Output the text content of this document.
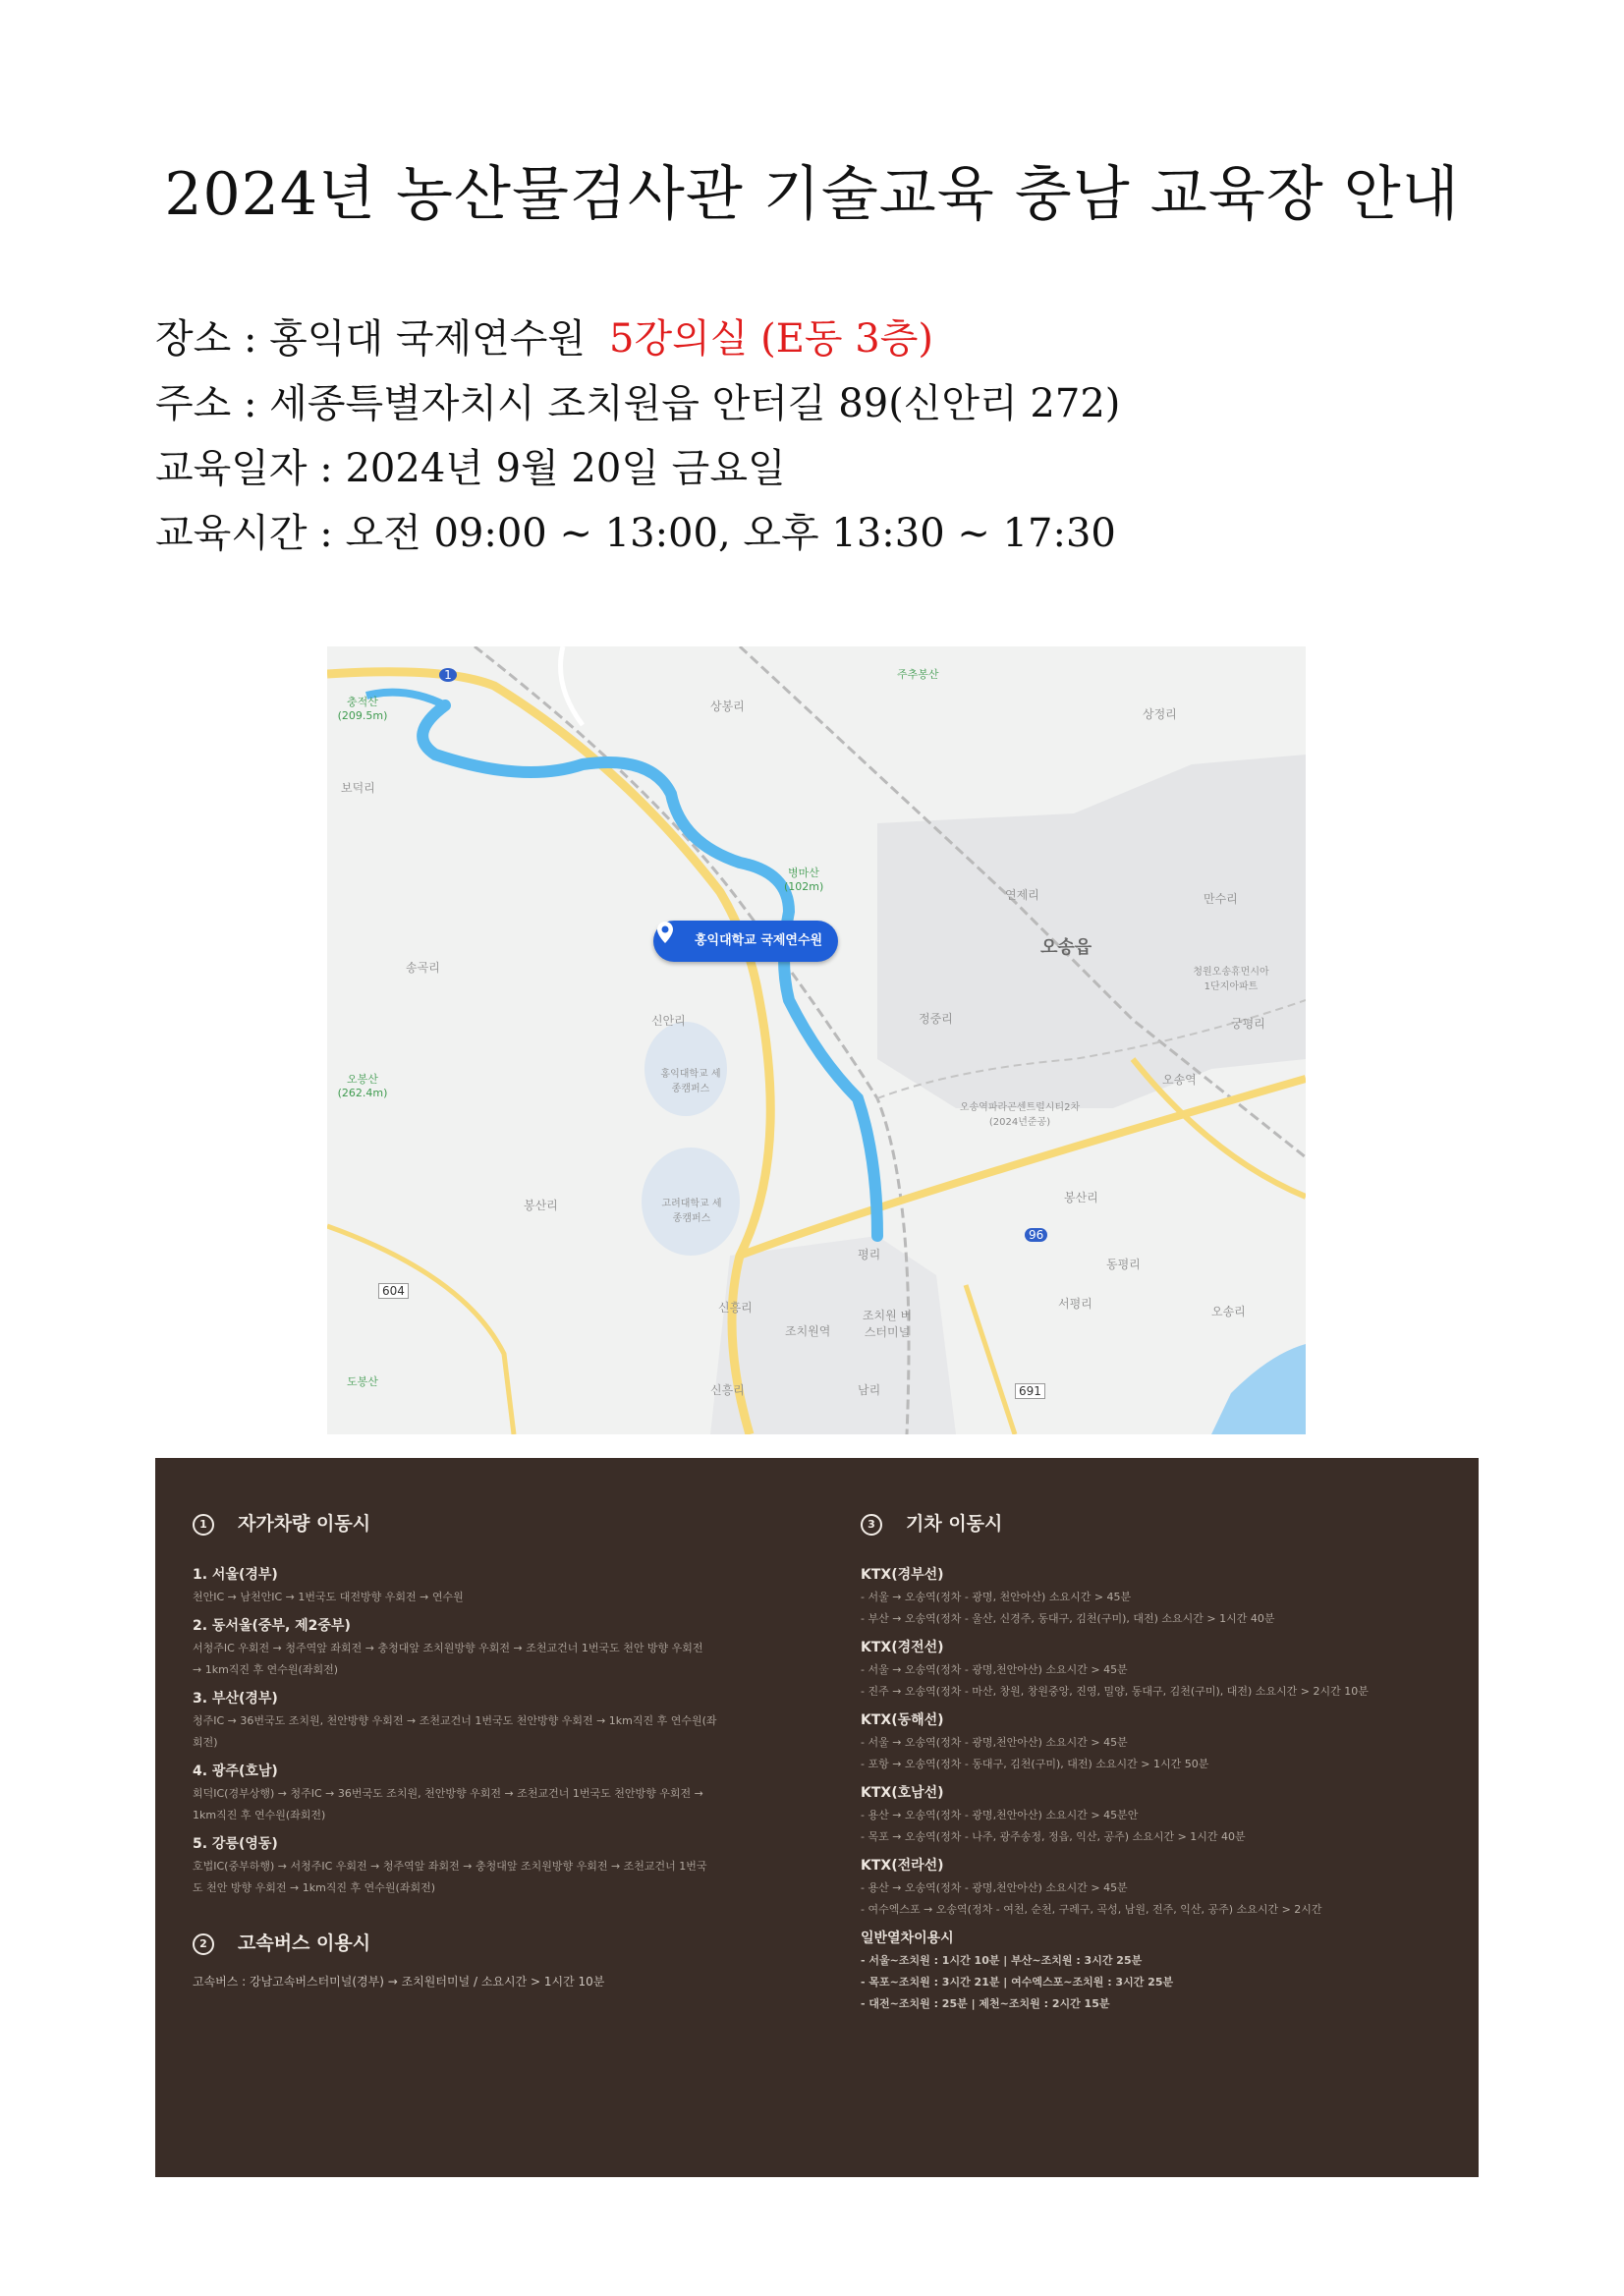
2024년 농산물검사관 기술교육 충남 교육장 안내
장소 : 홍익대 국제연수원 5강의실 (E동 3층)
주소 : 세종특별자치시 조치원읍 안터길 89(신안리 272)
교육일자 : 2024년 9월 20일 금요일
교육시간 : 오전 09:00 ~ 13:00, 오후 13:30 ~ 17:30
상봉리
상정리
보덕리
송곡리
신안리
봉산리
연제리	만수리
오송읍
정중리	궁평리
오송역
봉산리
동평리
서평리
오송리
평리
신흥리
조치원역
조치원 버스터미널
남리
신흥리
홍익대학교 세종캠퍼스
고려대학교 세종캠퍼스
청원오송휴먼시아 1단지아파트
오송역파라곤센트럴시티2차 (2024년준공)
충적산 (209.5m)
오봉산 (262.4m)
병마산 (102m)
도봉산
주추봉산
1
96
604
691
홍익대학교 국제연수원
1 자가차량 이동시
1. 서울(경부)
천안IC → 남천안IC → 1번국도 대전방향 우회전 → 연수원
2. 동서울(중부, 제2중부)
서청주IC 우회전 → 청주역앞 좌회전 → 충청대앞 조치원방향 우회전 → 조천교건너 1번국도 천안 방향 우회전
→ 1km직진 후 연수원(좌회전)
3. 부산(경부)
청주IC → 36번국도 조치원, 천안방향 우회전 → 조천교건너 1번국도 천안방향 우회전 → 1km직진 후 연수원(좌
회전)
4. 광주(호남)
회덕IC(경부상행) → 청주IC → 36번국도 조치원, 천안방향 우회전 → 조천교건너 1번국도 천안방향 우회전 →
1km직진 후 연수원(좌회전)
5. 강릉(영동)
호법IC(중부하행) → 서청주IC 우회전 → 청주역앞 좌회전 → 충청대앞 조치원방향 우회전 → 조천교건너 1번국
도 천안 방향 우회전 → 1km직진 후 연수원(좌회전)
2 고속버스 이용시
고속버스 : 강남고속버스터미널(경부) → 조치원터미널 / 소요시간 > 1시간 10분
3 기차 이동시
KTX(경부선)
- 서울 → 오송역(정차 - 광명, 천안아산) 소요시간 > 45분
- 부산 → 오송역(정차 - 울산, 신경주, 동대구, 김천(구미), 대전) 소요시간 > 1시간 40분
KTX(경전선)
- 서울 → 오송역(정차 - 광명,천안아산) 소요시간 > 45분
- 진주 → 오송역(정차 - 마산, 창원, 창원중앙, 진영, 밀양, 동대구, 김천(구미), 대전) 소요시간 > 2시간 10분
KTX(동해선)
- 서울 → 오송역(정차 - 광명,천안아산) 소요시간 > 45분
- 포항 → 오송역(정차 - 동대구, 김천(구미), 대전) 소요시간 > 1시간 50분
KTX(호남선)
- 용산 → 오송역(정차 - 광명,천안아산) 소요시간 > 45분안
- 목포 → 오송역(정차 - 나주, 광주송정, 정읍, 익산, 공주) 소요시간 > 1시간 40분
KTX(전라선)
- 용산 → 오송역(정차 - 광명,천안아산) 소요시간 > 45분
- 여수엑스포 → 오송역(정차 - 여천, 순천, 구례구, 곡성, 남원, 전주, 익산, 공주) 소요시간 > 2시간
일반열차이용시
- 서울~조치원 : 1시간 10분 | 부산~조치원 : 3시간 25분
- 목포~조치원 : 3시간 21분 | 여수엑스포~조치원 : 3시간 25분
- 대전~조치원 : 25분 | 제천~조치원 : 2시간 15분
